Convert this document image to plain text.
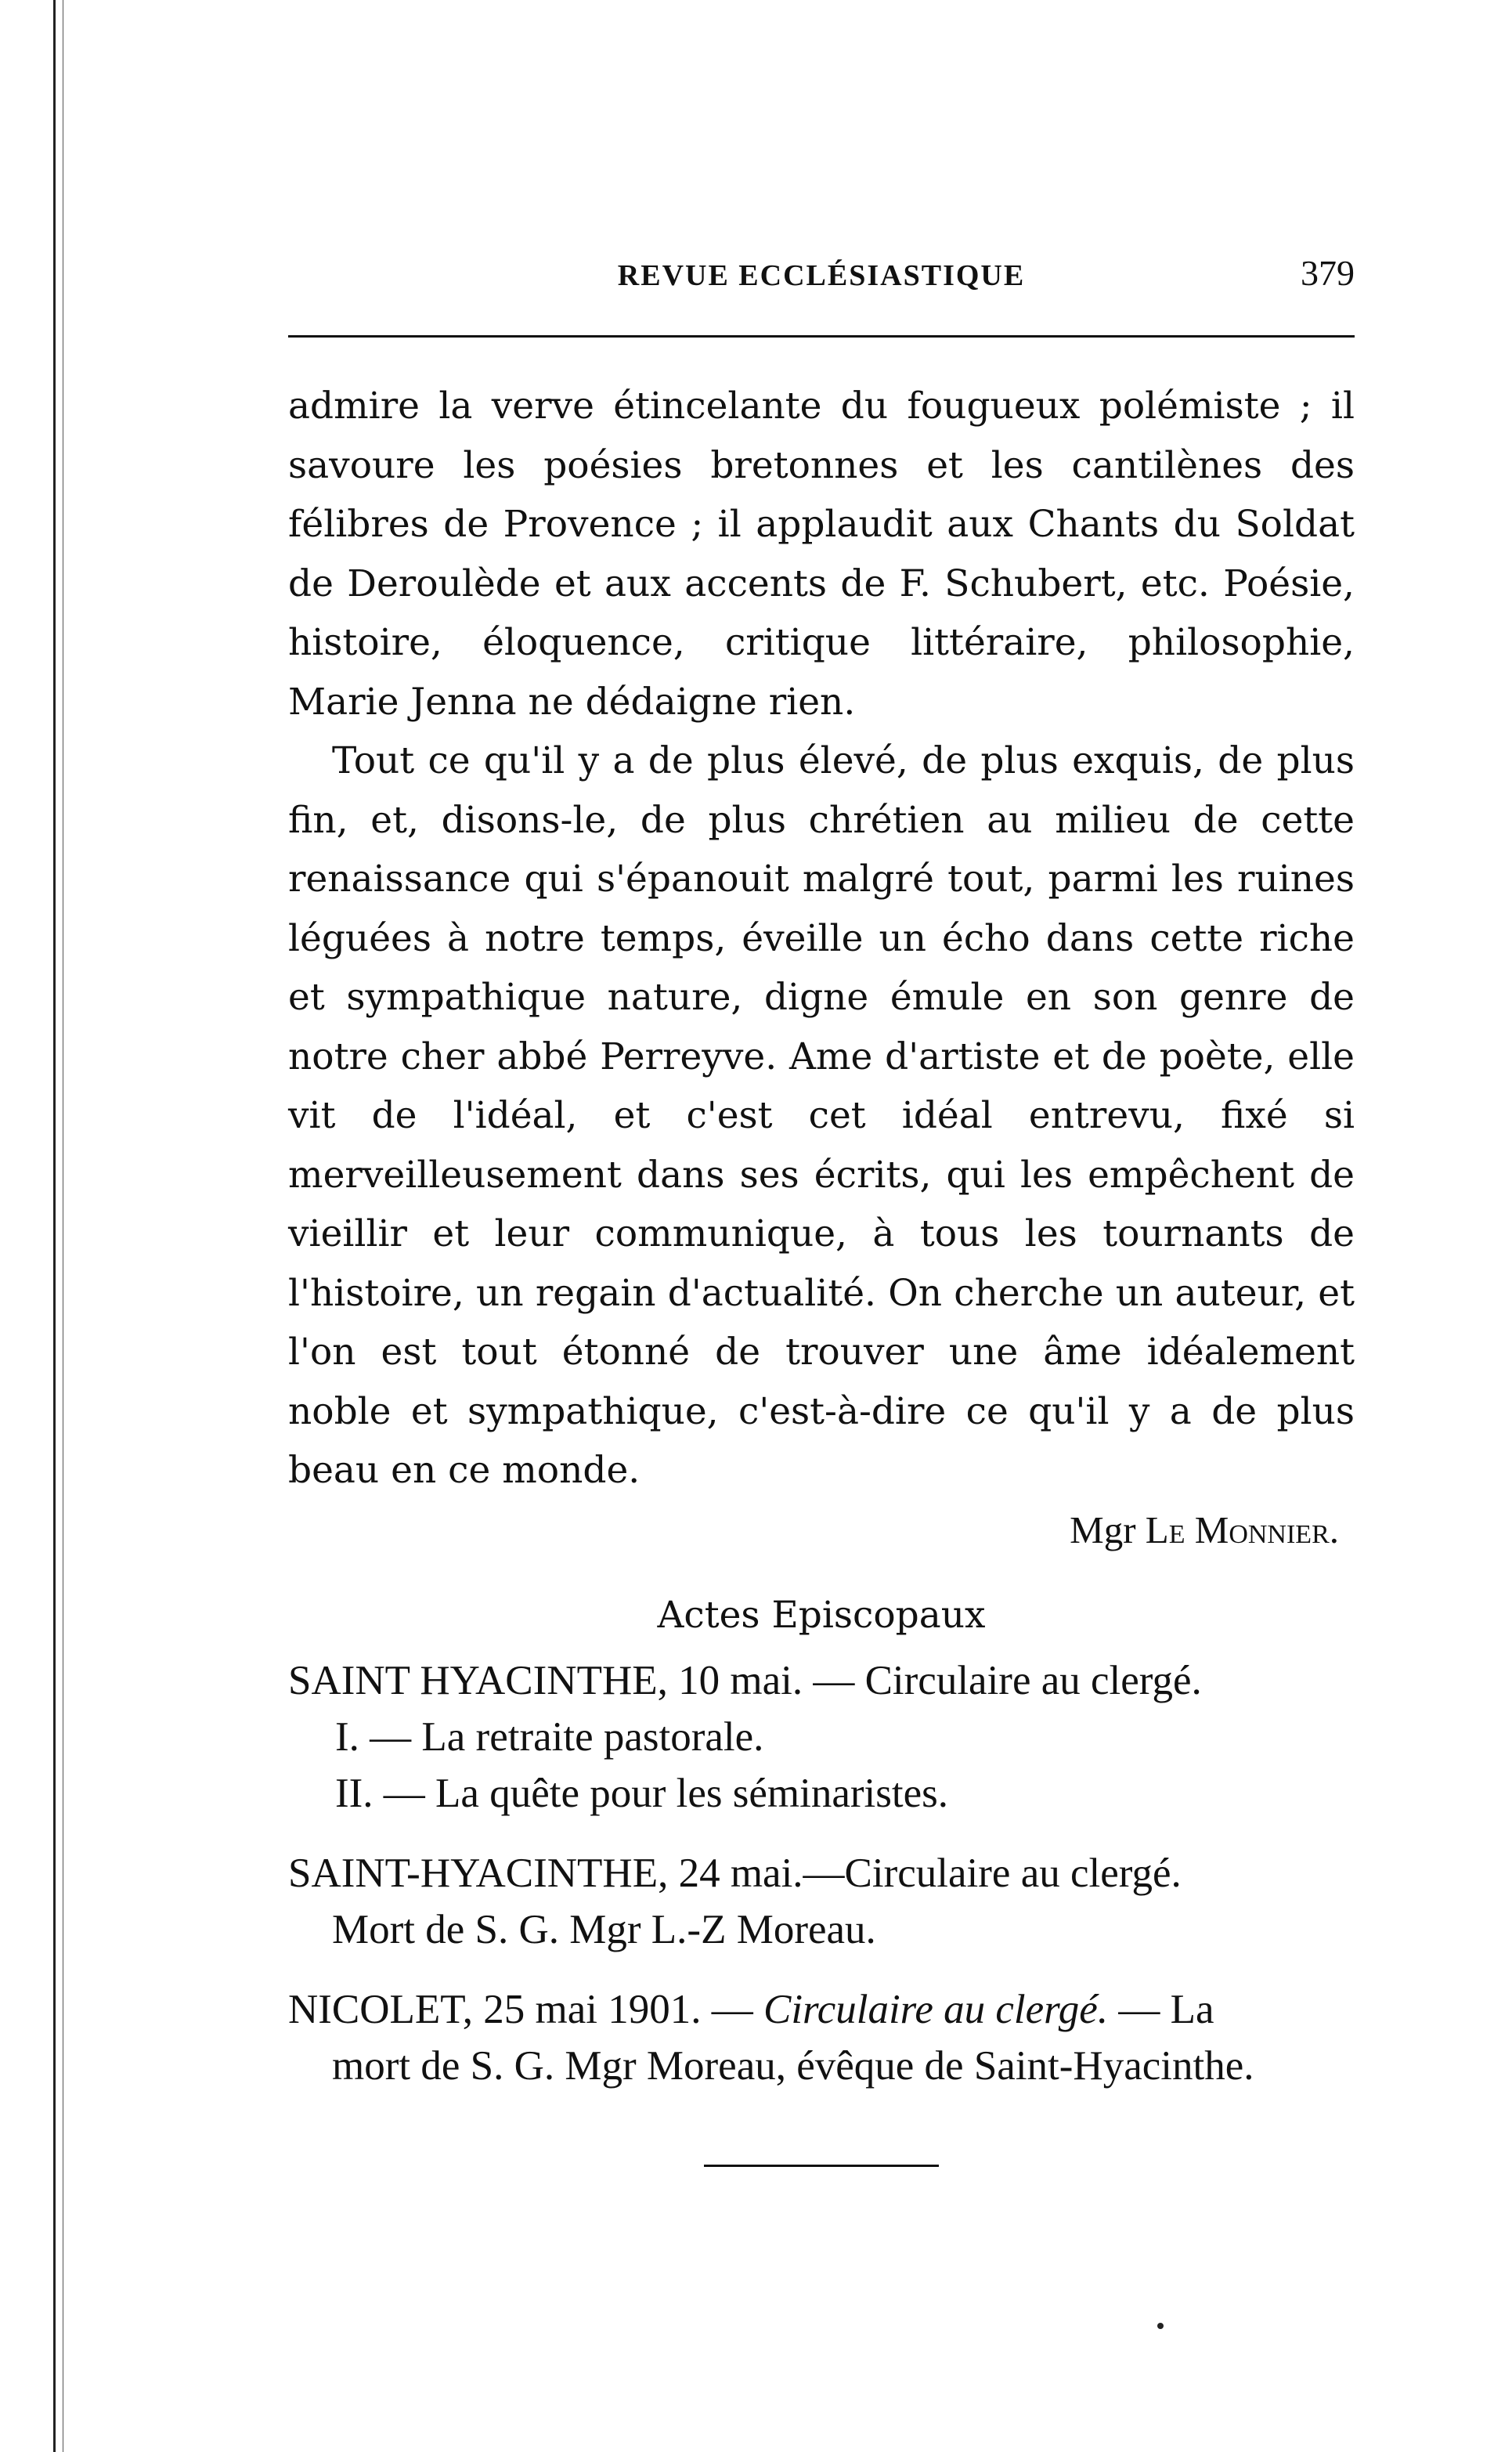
REVUE ECCLÉSIASTIQUE	379

admire la verve étincelante du fougueux polémiste ; il savoure les poésies bretonnes et les cantilènes des félibres de Provence ; il applaudit aux Chants du Soldat de Deroulède et aux accents de F. Schubert, etc. Poésie, histoire, éloquence, critique littéraire, philosophie, Marie Jenna ne dédaigne rien.

Tout ce qu'il y a de plus élevé, de plus exquis, de plus fin, et, disons-le, de plus chrétien au milieu de cette renaissance qui s'épanouit malgré tout, parmi les ruines léguées à notre temps, éveille un écho dans cette riche et sympathique nature, digne émule en son genre de notre cher abbé Perreyve. Ame d'artiste et de poète, elle vit de l'idéal, et c'est cet idéal entrevu, fixé si merveilleusement dans ses écrits, qui les empêchent de vieillir et leur communique, à tous les tournants de l'histoire, un regain d'actualité. On cherche un auteur, et l'on est tout étonné de trouver une âme idéalement noble et sympathique, c'est-à-dire ce qu'il y a de plus beau en ce monde.

Mgr Le Monnier.
Actes Episcopaux
SAINT HYACINTHE, 10 mai. — Circulaire au clergé.
I. — La retraite pastorale.
II. — La quête pour les séminaristes.
SAINT-HYACINTHE, 24 mai.—Circulaire au clergé.
Mort de S. G. Mgr L.-Z Moreau.
NICOLET, 25 mai 1901. — Circulaire au clergé. — La
mort de S. G. Mgr Moreau, évêque de Saint-Hyacinthe.
